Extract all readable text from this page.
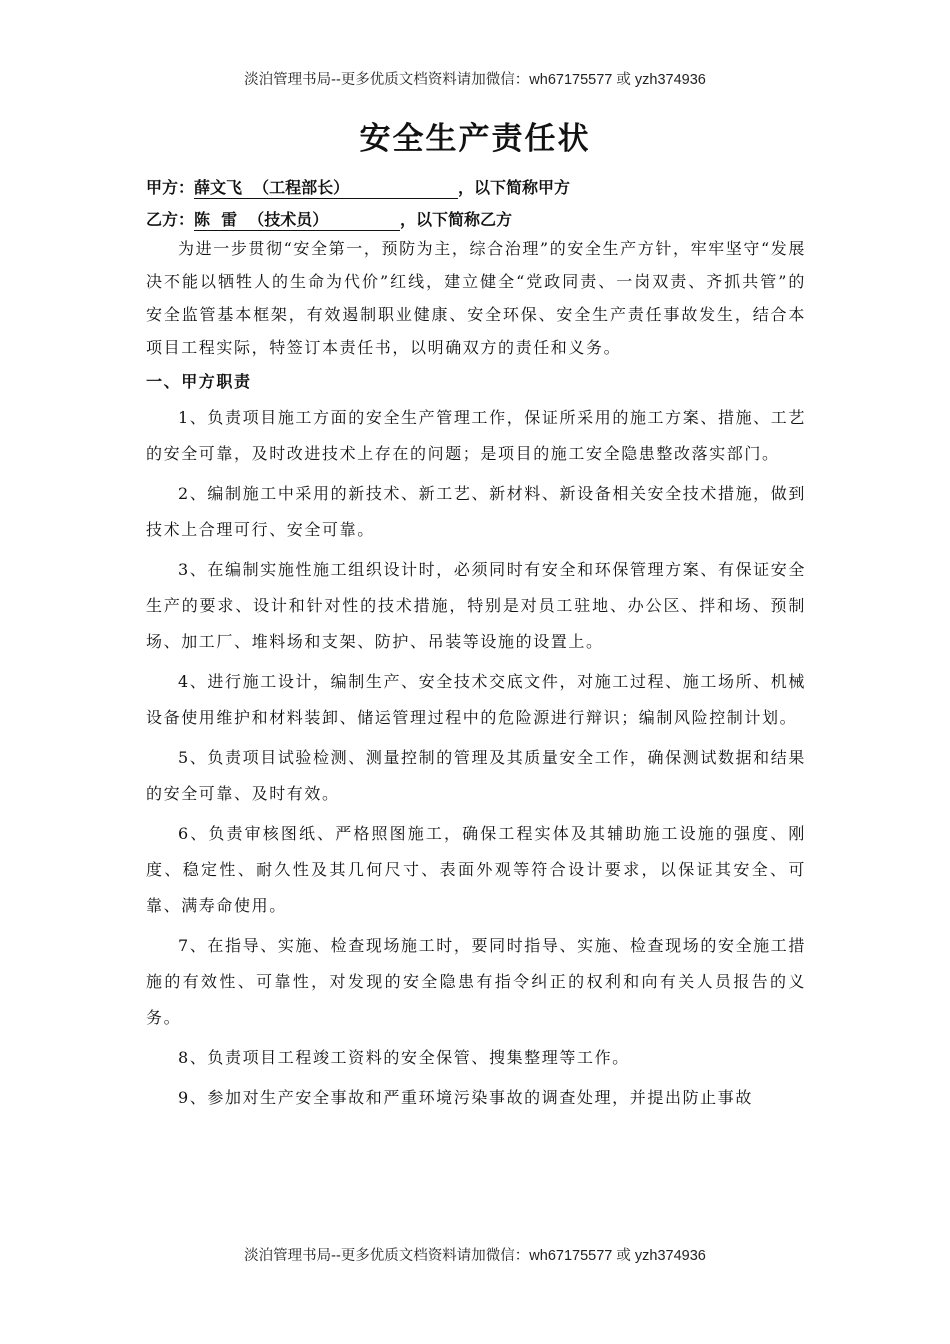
淡泊管理书局--更多优质文档资料请加微信：wh67175577 或 yzh374936
安全生产责任状
甲方：薛文飞  （工程部长）	，以下简称甲方
乙方：陈  雷  （技术员）	，以下简称乙方

为进一步贯彻“安全第一，预防为主，综合治理”的安全生产方针，牢牢坚守“发展决不能以牺牲人的生命为代价”红线，建立健全“党政同责、一岗双责、齐抓共管”的安全监管基本框架，有效遏制职业健康、安全环保、安全生产责任事故发生，结合本项目工程实际，特签订本责任书，以明确双方的责任和义务。

一、甲方职责

1、负责项目施工方面的安全生产管理工作，保证所采用的施工方案、措施、工艺的安全可靠，及时改进技术上存在的问题；是项目的施工安全隐患整改落实部门。

2、编制施工中采用的新技术、新工艺、新材料、新设备相关安全技术措施，做到技术上合理可行、安全可靠。

3、在编制实施性施工组织设计时，必须同时有安全和环保管理方案、有保证安全生产的要求、设计和针对性的技术措施，特别是对员工驻地、办公区、拌和场、预制场、加工厂、堆料场和支架、防护、吊装等设施的设置上。

4、进行施工设计，编制生产、安全技术交底文件，对施工过程、施工场所、机械设备使用维护和材料装卸、储运管理过程中的危险源进行辩识；编制风险控制计划。

5、负责项目试验检测、测量控制的管理及其质量安全工作，确保测试数据和结果的安全可靠、及时有效。

6、负责审核图纸、严格照图施工，确保工程实体及其辅助施工设施的强度、刚度、稳定性、耐久性及其几何尺寸、表面外观等符合设计要求，以保证其安全、可靠、满寿命使用。

7、在指导、实施、检查现场施工时，要同时指导、实施、检查现场的安全施工措施的有效性、可靠性，对发现的安全隐患有指令纠正的权利和向有关人员报告的义务。

8、负责项目工程竣工资料的安全保管、搜集整理等工作。

9、参加对生产安全事故和严重环境污染事故的调查处理，并提出防止事故

淡泊管理书局--更多优质文档资料请加微信：wh67175577 或 yzh374936
